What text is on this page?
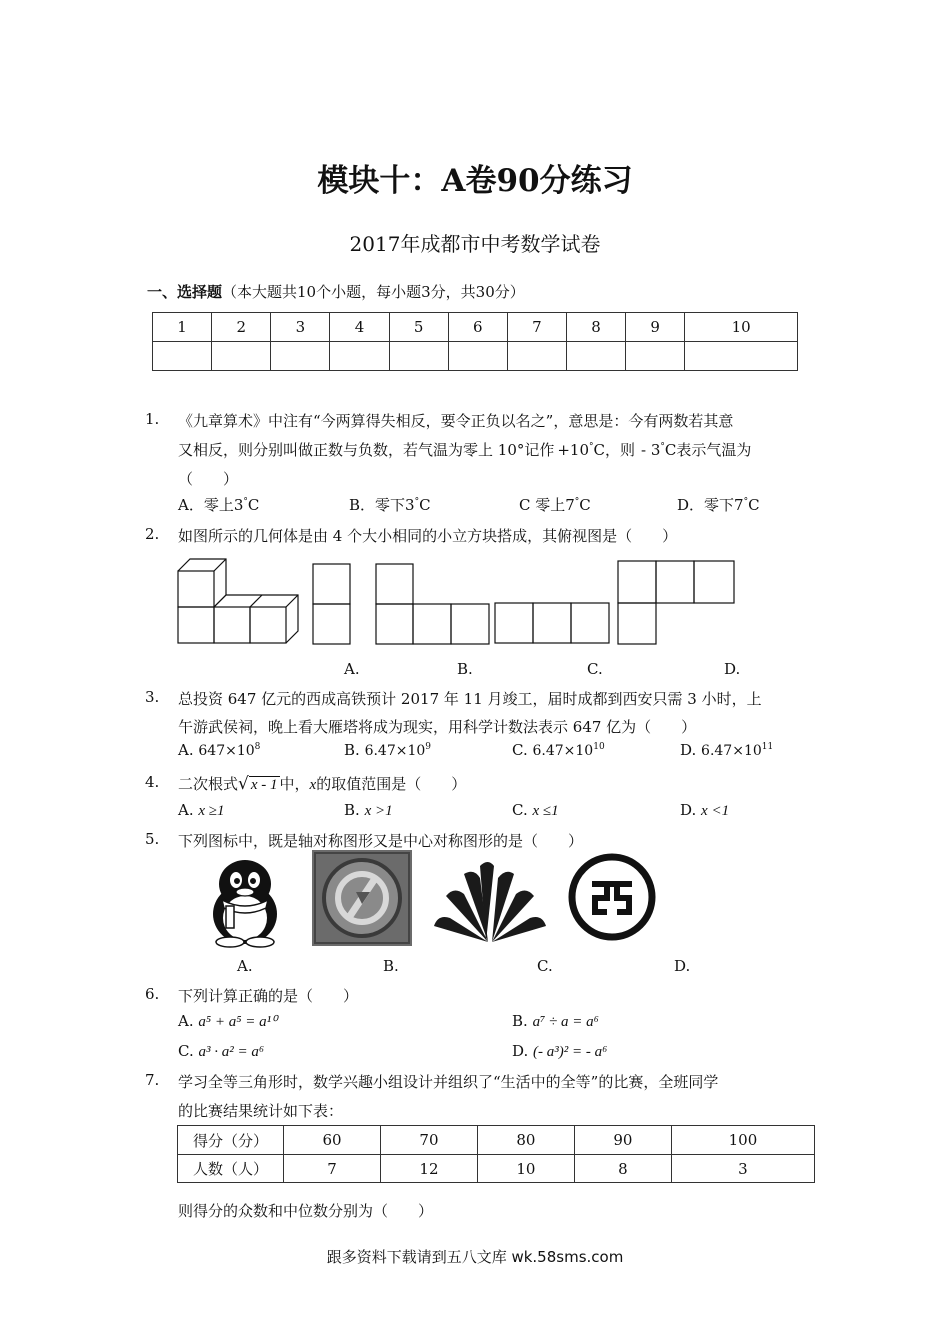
模块十：A卷90分练习
2017年成都市中考数学试卷
一、选择题（本大题共10个小题，每小题3分，共30分）
1	2	3	4	5	6	7	8	9	10

1. 《九章算术》中注有“今两算得失相反，要令正负以名之”，意思是：今有两数若其意
又相反，则分别叫做正数与负数，若气温为零上 10°记作 +10°C，则 - 3°C表示气温为
（　　）
A．零上3°C	B．零下3°C	C 零上7°C	D．零下7°C
2. 如图所示的几何体是由 4 个大小相同的小立方块搭成，其俯视图是（　　）
A.	B.	C.	D.
3. 总投资 647 亿元的西成高铁预计 2017 年 11 月竣工，届时成都到西安只需 3 小时，上
午游武侯祠，晚上看大雁塔将成为现实，用科学计数法表示 647 亿为（　　）
A. $647\times 10^8$	B. $6.47\times 10^9$	C. $6.47\times 10^{10}$	D. $6.47\times 10^{11}$
4. 二次根式√ x - 1 中，x的取值范围是（　　）
A. x ≥1	B. x >1	C. x ≤1	D. x <1
5. 下列图标中，既是轴对称图形又是中心对称图形的是（　　）
A.	B.	C.	D.
6. 下列计算正确的是（　　）
A. a⁵ + a⁵ = a¹⁰	B. a⁷ ÷ a = a⁶
C. a³ · a² = a⁶	D. (- a³)² = - a⁶
7. 学习全等三角形时，数学兴趣小组设计并组织了“生活中的全等”的比赛，全班同学
的比赛结果统计如下表：
得分（分）	60	70	80	90	100
人数（人）	7	12	10	8	3
则得分的众数和中位数分别为（　　）
跟多资料下载请到五八文库 wk.58sms.com
